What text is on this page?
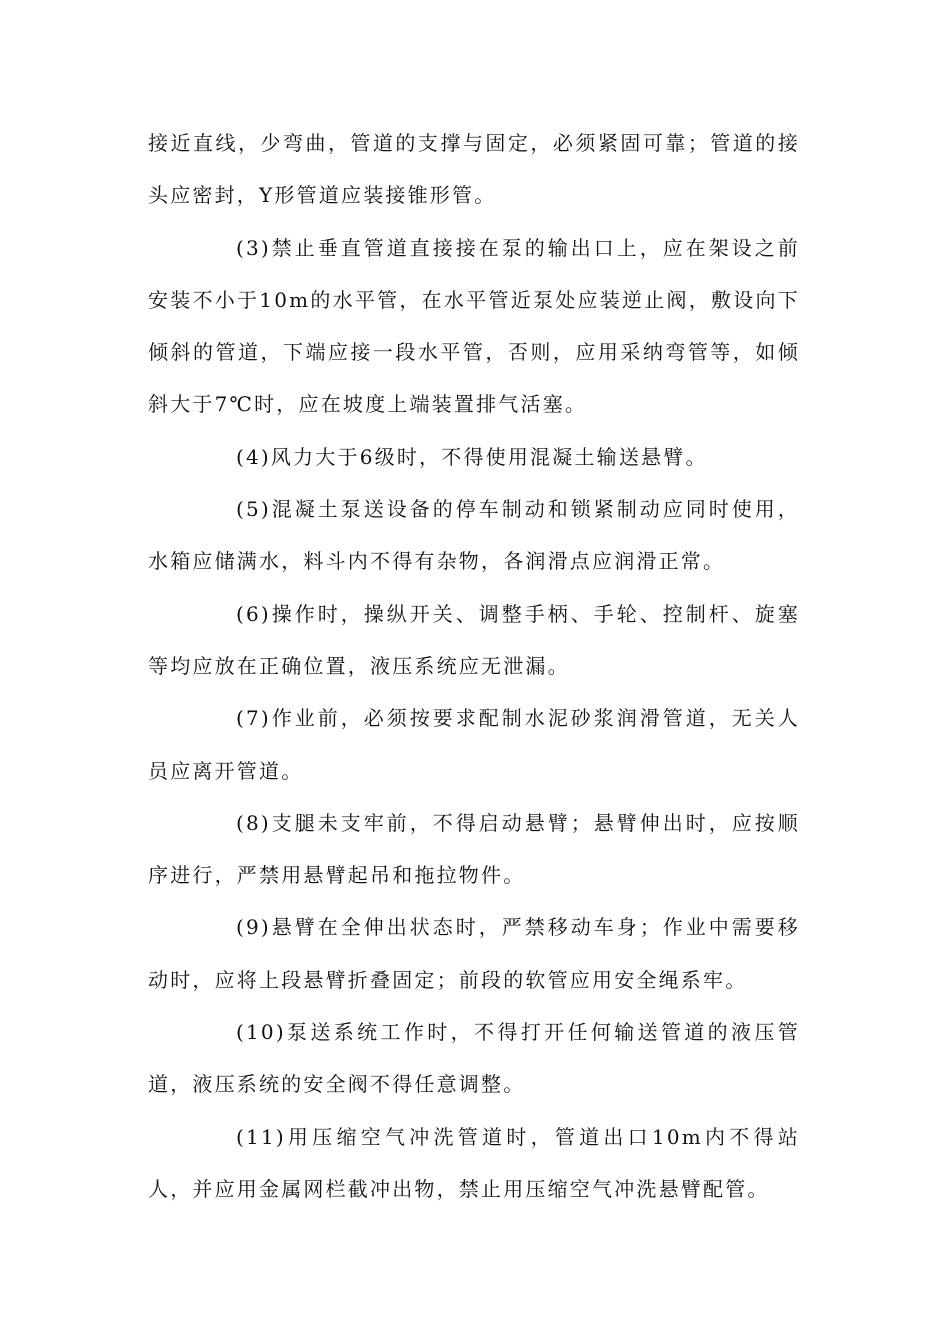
接近直线，少弯曲，管道的支撑与固定，必须紧固可靠；管道的接头应密封，Y形管道应装接锥形管。

(3)禁止垂直管道直接接在泵的输出口上，应在架设之前安装不小于10m的水平管，在水平管近泵处应装逆止阀，敷设向下倾斜的管道，下端应接一段水平管，否则，应用采纳弯管等，如倾斜大于7℃时，应在坡度上端装置排气活塞。

(4)风力大于6级时，不得使用混凝土输送悬臂。

(5)混凝土泵送设备的停车制动和锁紧制动应同时使用，水箱应储满水，料斗内不得有杂物，各润滑点应润滑正常。

(6)操作时，操纵开关、调整手柄、手轮、控制杆、旋塞等均应放在正确位置，液压系统应无泄漏。

(7)作业前，必须按要求配制水泥砂浆润滑管道，无关人员应离开管道。

(8)支腿未支牢前，不得启动悬臂；悬臂伸出时，应按顺序进行，严禁用悬臂起吊和拖拉物件。

(9)悬臂在全伸出状态时，严禁移动车身；作业中需要移动时，应将上段悬臂折叠固定；前段的软管应用安全绳系牢。

(10)泵送系统工作时，不得打开任何输送管道的液压管道，液压系统的安全阀不得任意调整。

(11)用压缩空气冲洗管道时，管道出口10m内不得站人，并应用金属网栏截冲出物，禁止用压缩空气冲洗悬臂配管。
